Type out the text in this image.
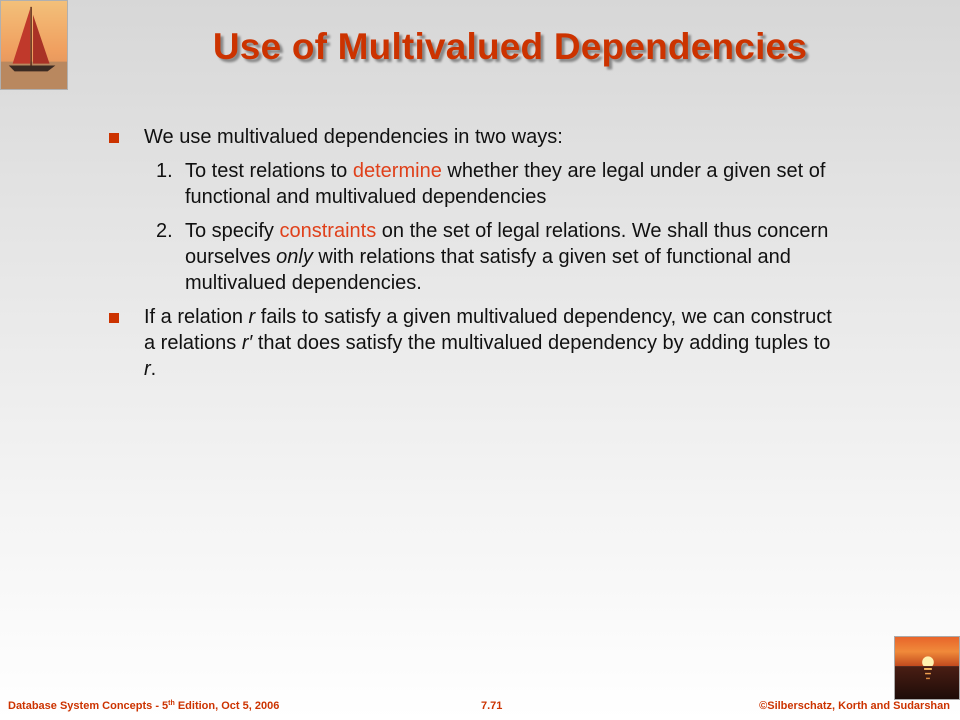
Use of Multivalued Dependencies
We use multivalued dependencies in two ways:
1. To test relations to determine whether they are legal under a given set of functional and multivalued dependencies
2. To specify constraints on the set of legal relations. We shall thus concern ourselves only with relations that satisfy a given set of functional and multivalued dependencies.
If a relation r fails to satisfy a given multivalued dependency, we can construct a relations r′ that does satisfy the multivalued dependency by adding tuples to r.
Database System Concepts - 5th Edition, Oct 5, 2006	7.71	©Silberschatz, Korth and Sudarshan
